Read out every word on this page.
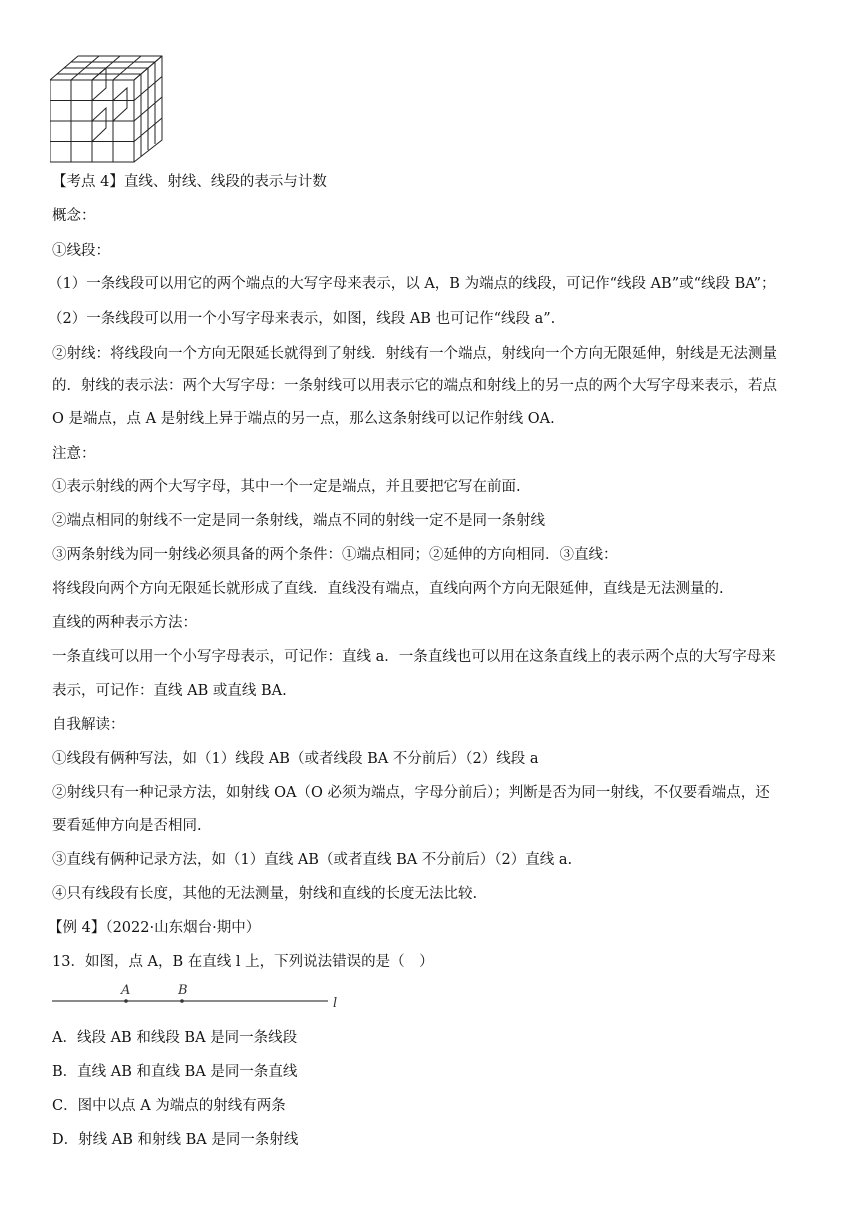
【考点 4】直线、射线、线段的表示与计数
概念：
①线段：
（1）一条线段可以用它的两个端点的大写字母来表示，以 A，B 为端点的线段，可记作“线段 AB”或“线段 BA”；
（2）一条线段可以用一个小写字母来表示，如图，线段 AB 也可记作“线段 a”.
②射线：将线段向一个方向无限延长就得到了射线．射线有一个端点，射线向一个方向无限延伸，射线是无法测量
的．射线的表示法：两个大写字母：一条射线可以用表示它的端点和射线上的另一点的两个大写字母来表示，若点
O 是端点，点 A 是射线上异于端点的另一点，那么这条射线可以记作射线 OA.
注意：
①表示射线的两个大写字母，其中一个一定是端点，并且要把它写在前面.
②端点相同的射线不一定是同一条射线，端点不同的射线一定不是同一条射线
③两条射线为同一射线必须具备的两个条件：①端点相同；②延伸的方向相同．③直线：
将线段向两个方向无限延长就形成了直线．直线没有端点，直线向两个方向无限延伸，直线是无法测量的.
直线的两种表示方法：
一条直线可以用一个小写字母表示，可记作：直线 a．一条直线也可以用在这条直线上的表示两个点的大写字母来
表示，可记作：直线 AB 或直线 BA.
自我解读：
①线段有俩种写法，如（1）线段 AB（或者线段 BA 不分前后）（2）线段 a
②射线只有一种记录方法，如射线 OA（O 必须为端点，字母分前后）；判断是否为同一射线，不仅要看端点，还
要看延伸方向是否相同.
③直线有俩种记录方法，如（1）直线 AB（或者直线 BA 不分前后）（2）直线 a.
④只有线段有长度，其他的无法测量，射线和直线的长度无法比较.
【例 4】（2022·山东烟台·期中）
13．如图，点 A，B 在直线 l 上，下列说法错误的是（　）
A	B
l
A．线段 AB 和线段 BA 是同一条线段
B．直线 AB 和直线 BA 是同一条直线
C．图中以点 A 为端点的射线有两条
D．射线 AB 和射线 BA 是同一条射线
